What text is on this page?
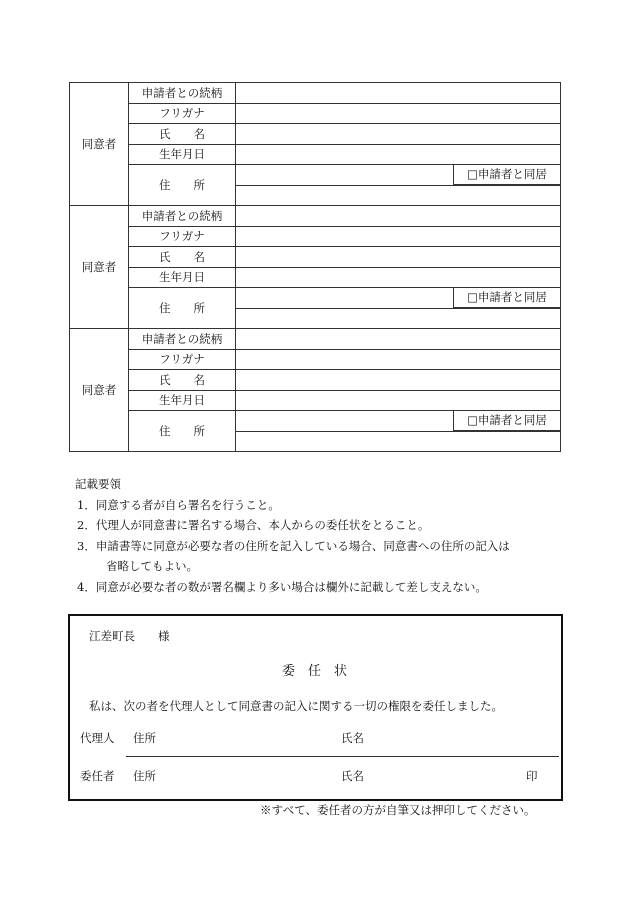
同意者	申請者との続柄	
	フリガナ	
	氏　　名	
	生年月日	
	住　　所	□申請者と同居

同意者	申請者との続柄	
	フリガナ	
	氏　　名	
	生年月日	
	住　　所	□申請者と同居

同意者	申請者との続柄	
	フリガナ	
	氏　　名	
	生年月日	
	住　　所	□申請者と同居

記載要領
1．同意する者が自ら署名を行うこと。
2．代理人が同意書に署名する場合、本人からの委任状をとること。
3．申請書等に同意が必要な者の住所を記入している場合、同意書への住所の記入は
省略してもよい。
4．同意が必要な者の数が署名欄より多い場合は欄外に記載して差し支えない。
江差町長　　様
委　任　状
私は、次の者を代理人として同意書の記入に関する一切の権限を委任しました。
代理人 住所	氏名
委任者 住所	氏名	印
※すべて、委任者の方が自筆又は押印してください。
